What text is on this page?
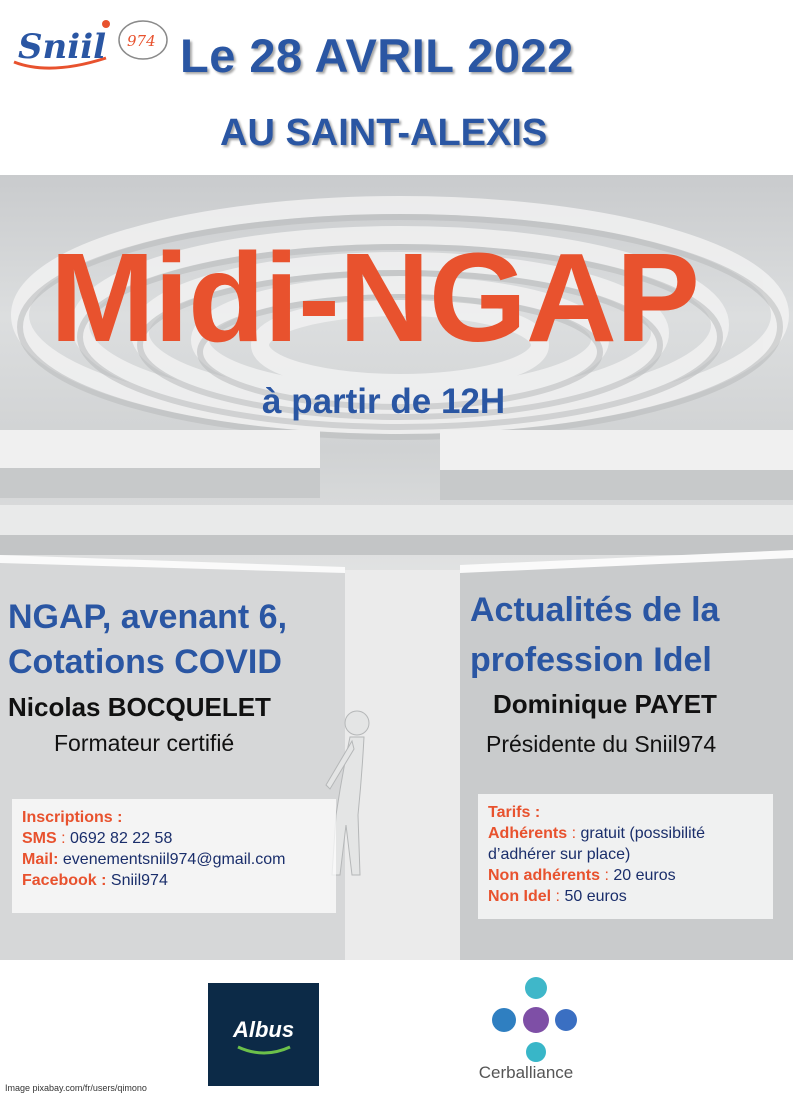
Sniil 974 Le 28 AVRIL 2022
AU SAINT-ALEXIS
Midi-NGAP
à partir de 12H
NGAP, avenant 6,
Cotations COVID
Nicolas BOCQUELET
Formateur certifié
Actualités de la
profession Idel
Dominique PAYET
Présidente du Sniil974
Inscriptions :
SMS : 0692 82 22 58
Mail: evenementsniil974@gmail.com
Facebook : Sniil974
Tarifs :
Adhérents : gratuit (possibilité
d’adhérer sur place)
Non adhérents : 20 euros
Non Idel : 50 euros
Albus
Cerballiance
Image pixabay.com/fr/users/qimono
